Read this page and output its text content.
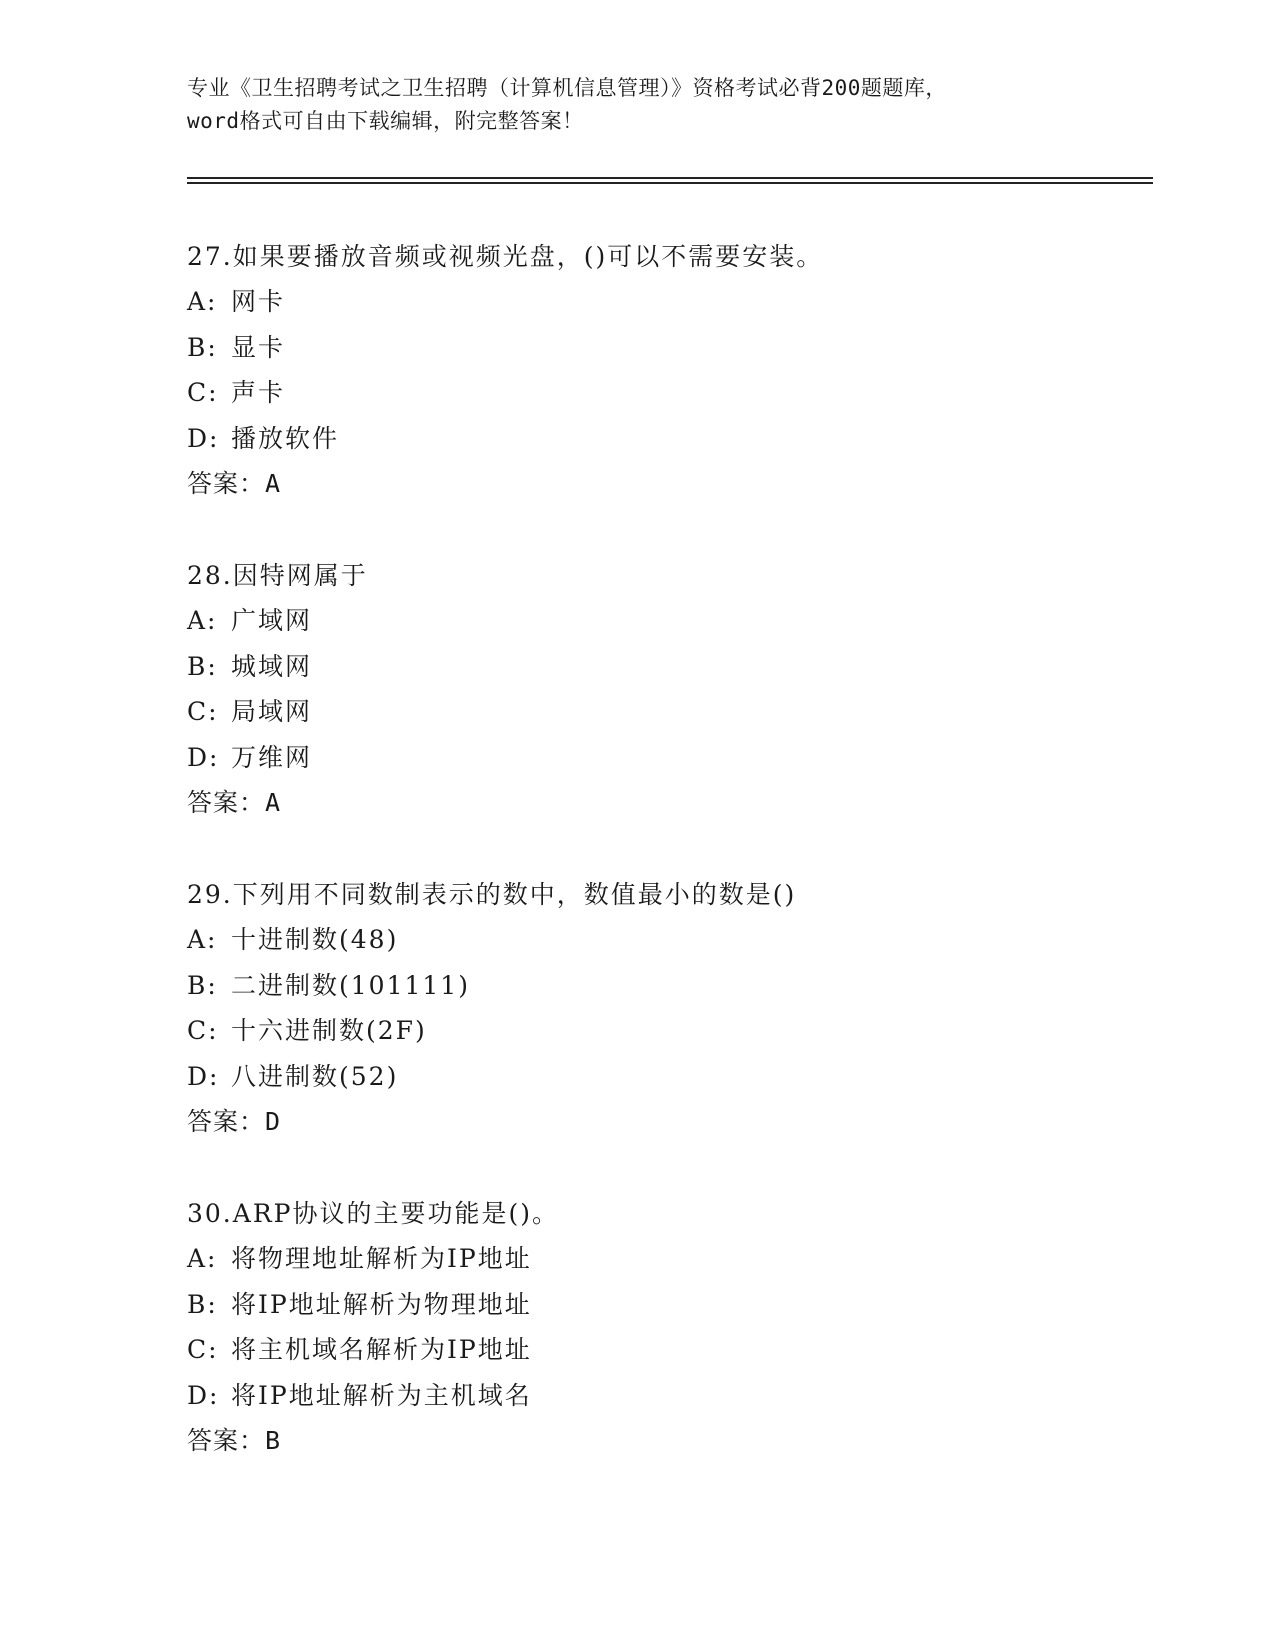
专业《卫生招聘考试之卫生招聘（计算机信息管理）》资格考试必背200题题库，
word格式可自由下载编辑，附完整答案！
27.如果要播放音频或视频光盘，()可以不需要安装。
A: 网卡
B: 显卡
C: 声卡
D: 播放软件
答案：A
28.因特网属于
A: 广域网
B: 城域网
C: 局域网
D: 万维网
答案：A
29.下列用不同数制表示的数中，数值最小的数是()
A: 十进制数(48)
B: 二进制数(101111)
C: 十六进制数(2F)
D: 八进制数(52)
答案：D
30.ARP协议的主要功能是()。
A: 将物理地址解析为IP地址
B: 将IP地址解析为物理地址
C: 将主机域名解析为IP地址
D: 将IP地址解析为主机域名
答案：B
